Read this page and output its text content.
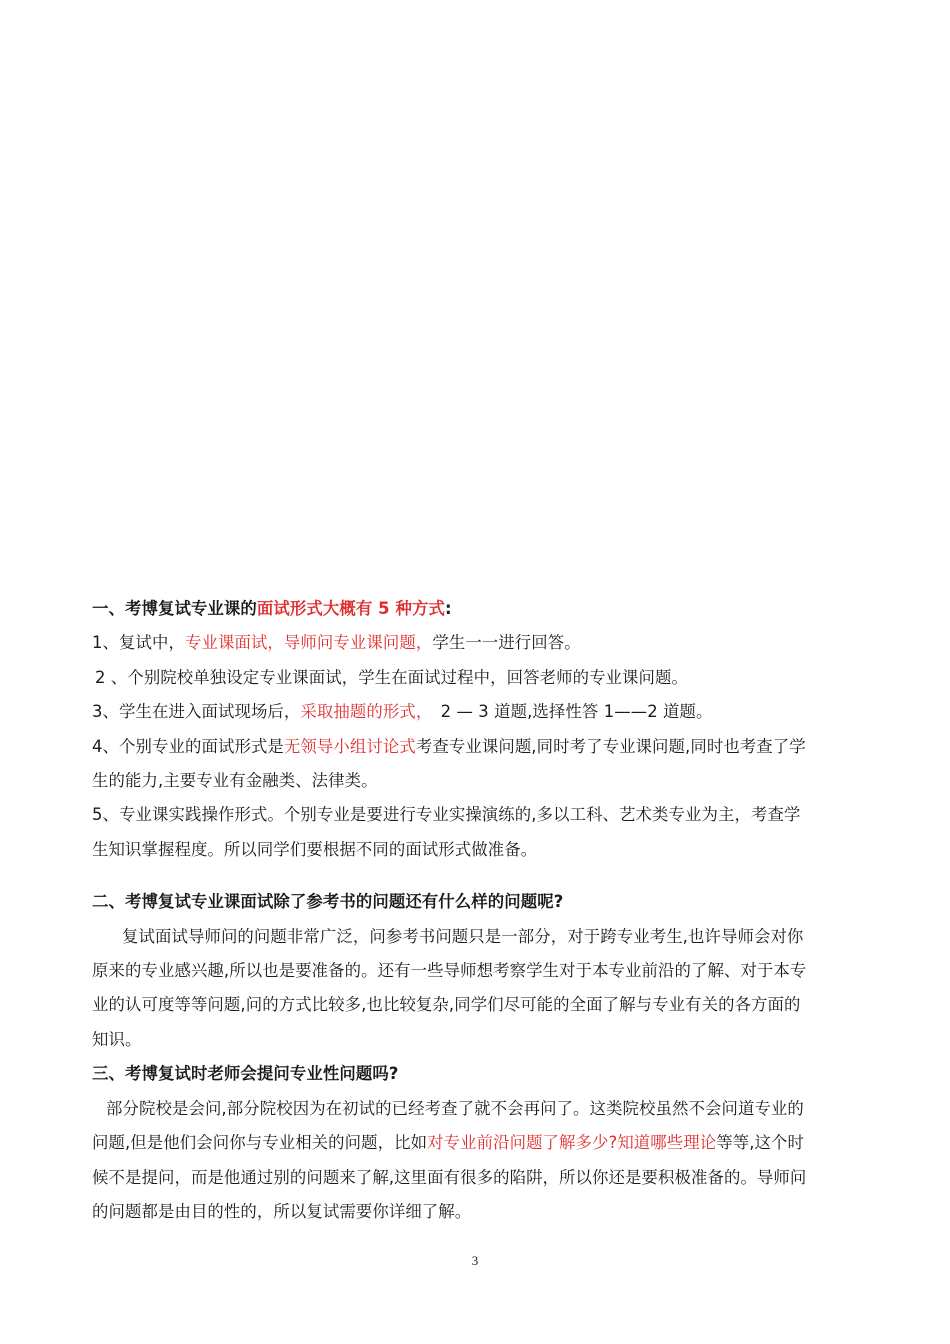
一、考博复试专业课的面试形式大概有 5 种方式:
1、复试中，专业课面试，导师问专业课问题，学生一一进行回答。
2 、个别院校单独设定专业课面试，学生在面试过程中，回答老师的专业课问题。
3、学生在进入面试现场后，采取抽题的形式，　2 — 3 道题,选择性答 1——2 道题。
4、个别专业的面试形式是无领导小组讨论式考查专业课问题,同时考了专业课问题,同时也考查了学
生的能力,主要专业有金融类、法律类。
5、专业课实践操作形式。个别专业是要进行专业实操演练的,多以工科、艺术类专业为主，考查学
生知识掌握程度。所以同学们要根据不同的面试形式做准备。
二、考博复试专业课面试除了参考书的问题还有什么样的问题呢?
复试面试导师问的问题非常广泛，问参考书问题只是一部分，对于跨专业考生,也许导师会对你
原来的专业感兴趣,所以也是要准备的。还有一些导师想考察学生对于本专业前沿的了解、对于本专
业的认可度等等问题,问的方式比较多,也比较复杂,同学们尽可能的全面了解与专业有关的各方面的
知识。
三、考博复试时老师会提问专业性问题吗?
部分院校是会问,部分院校因为在初试的已经考查了就不会再问了。这类院校虽然不会问道专业的
问题,但是他们会问你与专业相关的问题，比如对专业前沿问题了解多少?知道哪些理论等等,这个时
候不是提问，而是他通过别的问题来了解,这里面有很多的陷阱，所以你还是要积极准备的。导师问
的问题都是由目的性的，所以复试需要你详细了解。
3
